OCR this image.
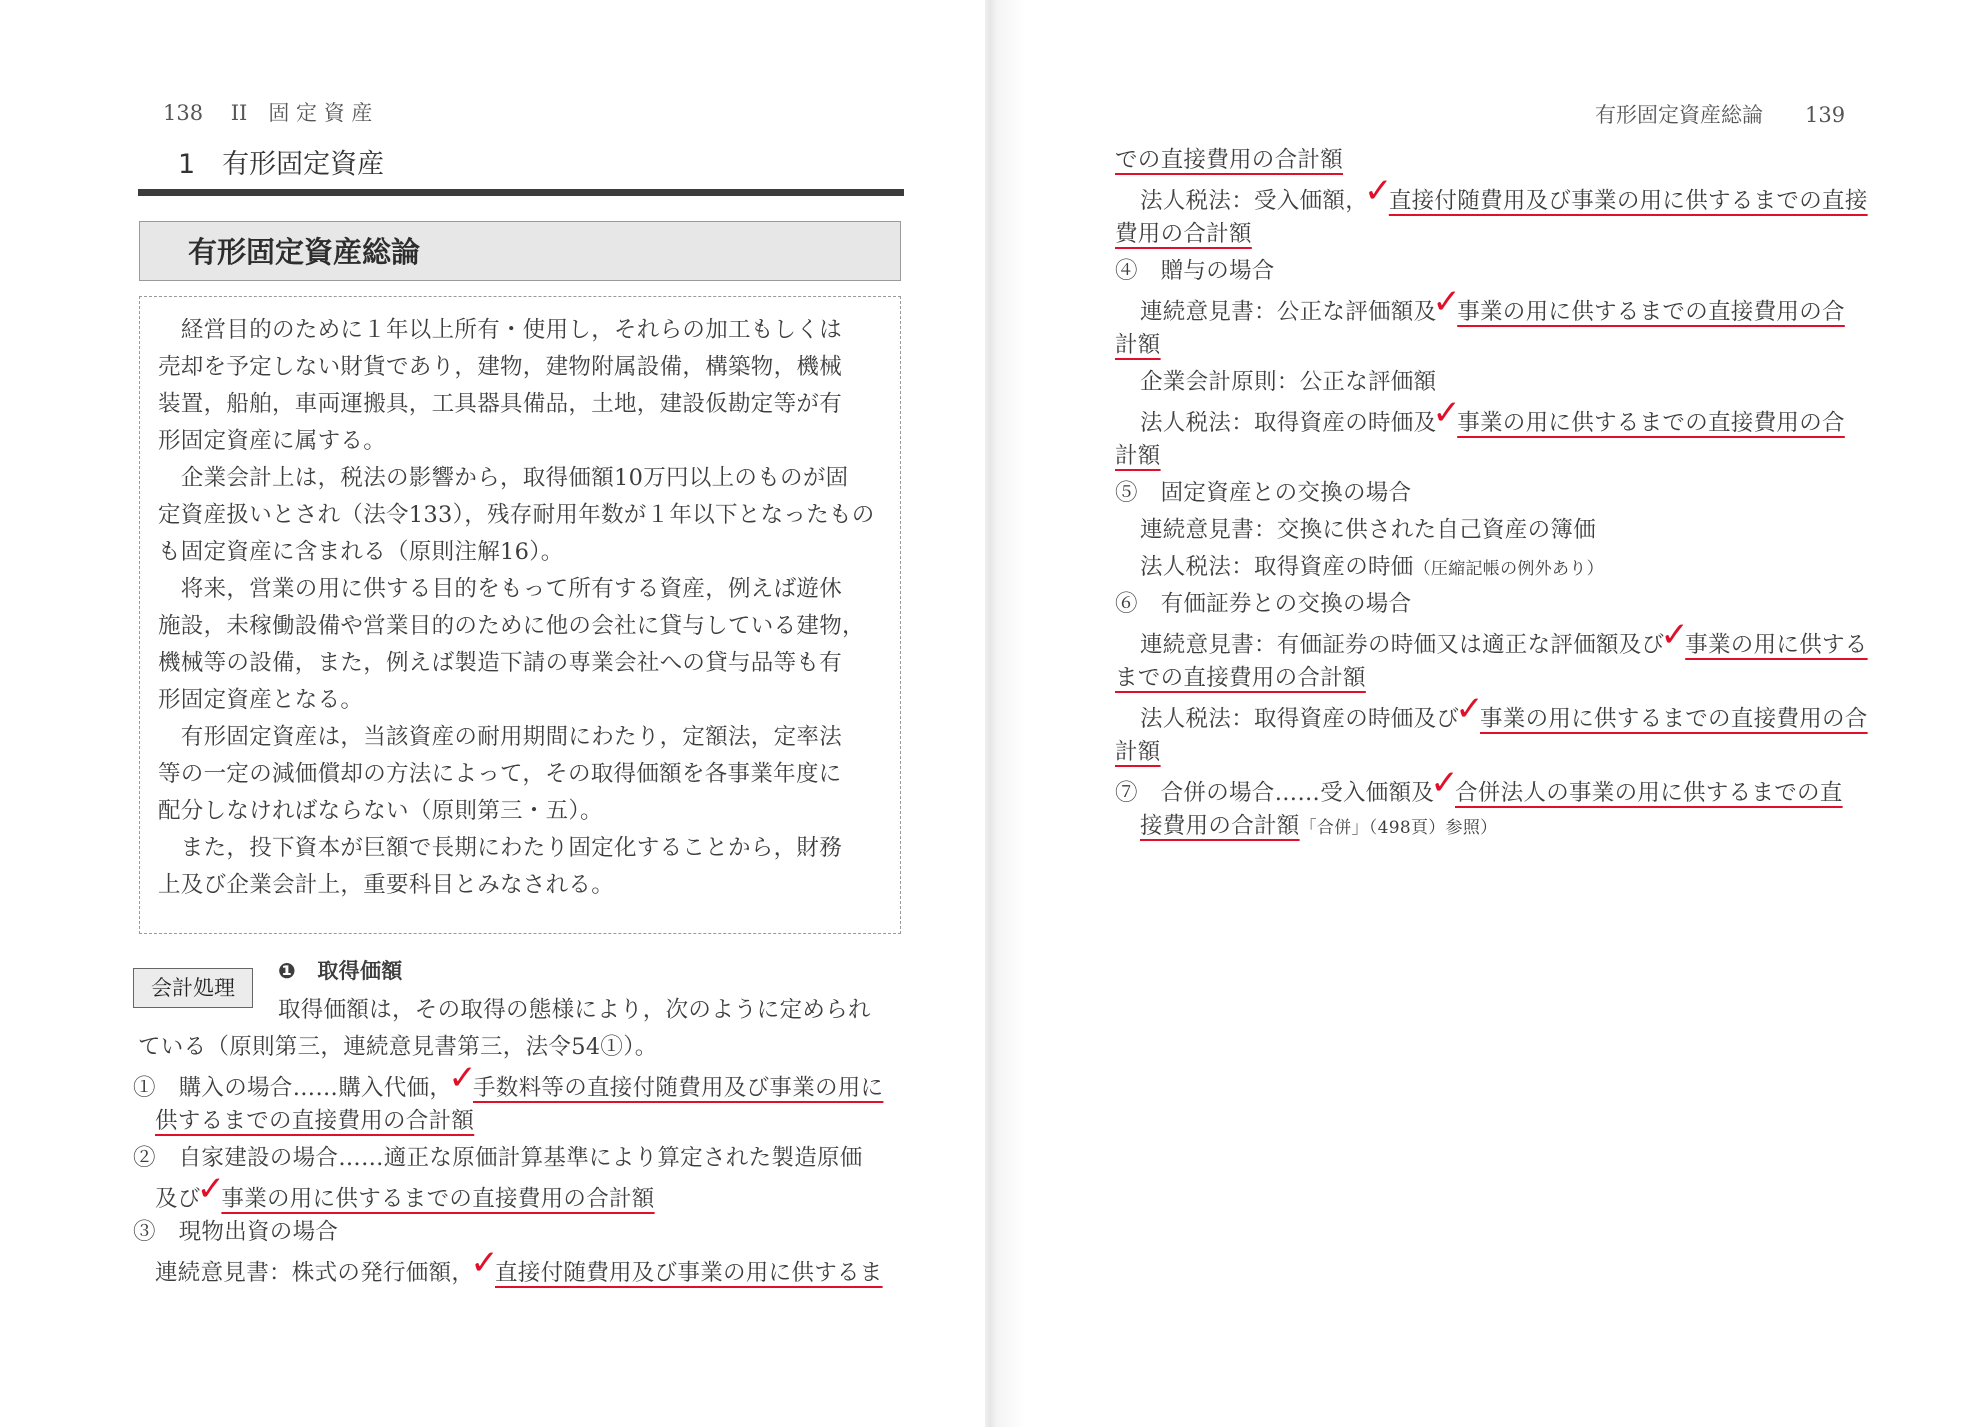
138　 II　固 定 資 産
1　有形固定資産
有形固定資産総論
　経営目的のために１年以上所有・使用し，それらの加工もしくは
売却を予定しない財貨であり，建物，建物附属設備，構築物，機械
装置，船舶，車両運搬具，工具器具備品，土地，建設仮勘定等が有
形固定資産に属する。
　企業会計上は，税法の影響から，取得価額10万円以上のものが固
定資産扱いとされ（法令133），残存耐用年数が１年以下となったもの
も固定資産に含まれる（原則注解16）。
　将来，営業の用に供する目的をもって所有する資産，例えば遊休
施設，未稼働設備や営業目的のために他の会社に貸与している建物，
機械等の設備，また，例えば製造下請の専業会社への貸与品等も有
形固定資産となる。
　有形固定資産は，当該資産の耐用期間にわたり，定額法，定率法
等の一定の減価償却の方法によって，その取得価額を各事業年度に
配分しなければならない（原則第三・五）。
　また，投下資本が巨額で長期にわたり固定化することから，財務
上及び企業会計上，重要科目とみなされる。
会計処理
❶　取得価額
取得価額は，その取得の態様により，次のように定められ
ている（原則第三，連続意見書第三，法令54①）。
①　購入の場合……購入代価，✓手数料等の直接付随費用及び事業の用に
供するまでの直接費用の合計額
②　自家建設の場合……適正な原価計算基準により算定された製造原価
及び✓事業の用に供するまでの直接費用の合計額
③　現物出資の場合
連続意見書：株式の発行価額，✓直接付随費用及び事業の用に供するま
有形固定資産総論　　139
での直接費用の合計額
法人税法：受入価額，✓直接付随費用及び事業の用に供するまでの直接
費用の合計額
④　贈与の場合
連続意見書：公正な評価額及✓事業の用に供するまでの直接費用の合
計額
企業会計原則：公正な評価額
法人税法：取得資産の時価及✓事業の用に供するまでの直接費用の合
計額
⑤　固定資産との交換の場合
連続意見書：交換に供された自己資産の簿価
法人税法：取得資産の時価（圧縮記帳の例外あり）
⑥　有価証券との交換の場合
連続意見書：有価証券の時価又は適正な評価額及び✓事業の用に供する
までの直接費用の合計額
法人税法：取得資産の時価及び✓事業の用に供するまでの直接費用の合
計額
⑦　合併の場合……受入価額及✓合併法人の事業の用に供するまでの直
接費用の合計額「合併」（498頁）参照）
